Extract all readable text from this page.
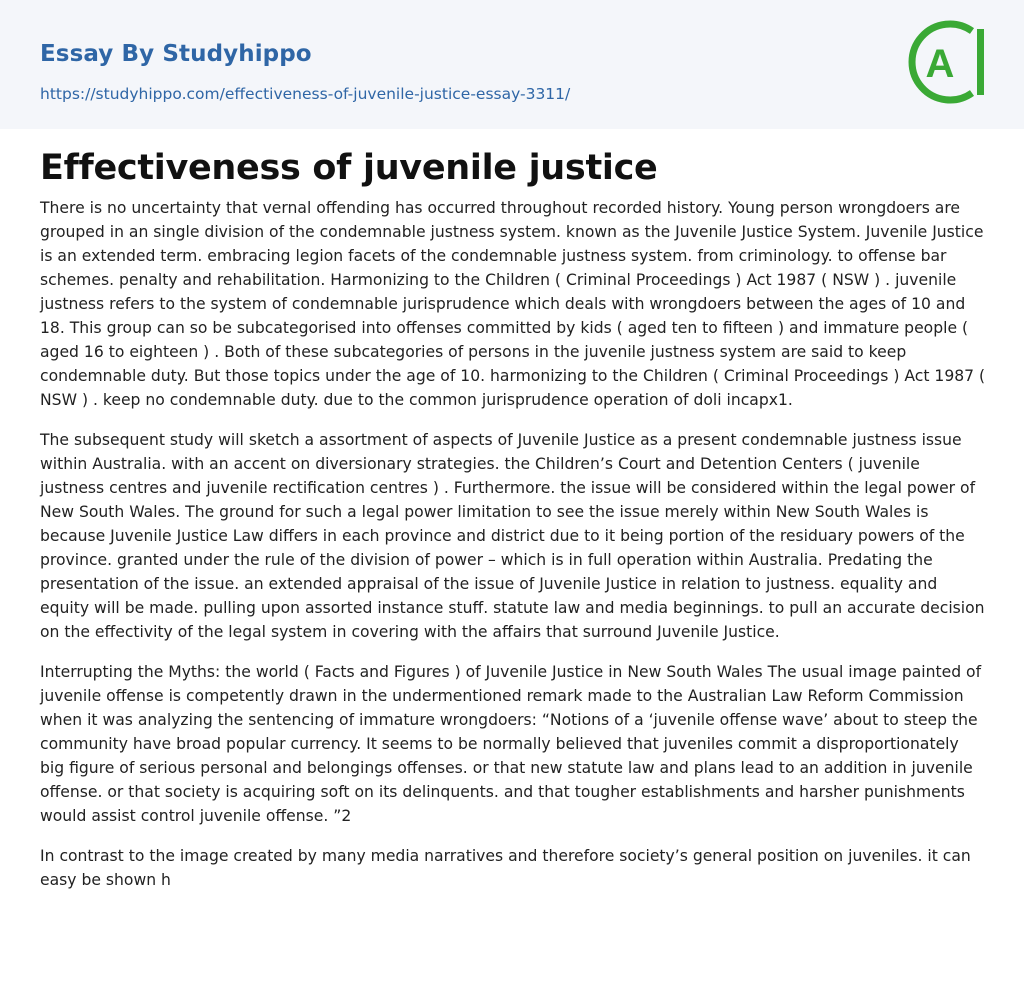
Essay By Studyhippo
https://studyhippo.com/effectiveness-of-juvenile-justice-essay-3311/
A
Effectiveness of juvenile justice

There is no uncertainty that vernal offending has occurred throughout recorded history. Young person wrongdoers are grouped in an single division of the condemnable justness system. known as the Juvenile Justice System. Juvenile Justice is an extended term. embracing legion facets of the condemnable justness system. from criminology. to offense bar schemes. penalty and rehabilitation. Harmonizing to the Children ( Criminal Proceedings ) Act 1987 ( NSW ) . juvenile justness refers to the system of condemnable jurisprudence which deals with wrongdoers between the ages of 10 and 18. This group can so be subcategorised into offenses committed by kids ( aged ten to fifteen ) and immature people ( aged 16 to eighteen ) . Both of these subcategories of persons in the juvenile justness system are said to keep condemnable duty. But those topics under the age of 10. harmonizing to the Children ( Criminal Proceedings ) Act 1987 ( NSW ) . keep no condemnable duty. due to the common jurisprudence operation of doli incapx1.

The subsequent study will sketch a assortment of aspects of Juvenile Justice as a present condemnable justness issue within Australia. with an accent on diversionary strategies. the Children’s Court and Detention Centers ( juvenile justness centres and juvenile rectification centres ) . Furthermore. the issue will be considered within the legal power of New South Wales. The ground for such a legal power limitation to see the issue merely within New South Wales is because Juvenile Justice Law differs in each province and district due to it being portion of the residuary powers of the province. granted under the rule of the division of power – which is in full operation within Australia. Predating the presentation of the issue. an extended appraisal of the issue of Juvenile Justice in relation to justness. equality and equity will be made. pulling upon assorted instance stuff. statute law and media beginnings. to pull an accurate decision on the effectivity of the legal system in covering with the affairs that surround Juvenile Justice.

Interrupting the Myths: the world ( Facts and Figures ) of Juvenile Justice in New South Wales The usual image painted of juvenile offense is competently drawn in the undermentioned remark made to the Australian Law Reform Commission when it was analyzing the sentencing of immature wrongdoers: “Notions of a ‘juvenile offense wave’ about to steep the community have broad popular currency. It seems to be normally believed that juveniles commit a disproportionately big figure of serious personal and belongings offenses. or that new statute law and plans lead to an addition in juvenile offense. or that society is acquiring soft on its delinquents. and that tougher establishments and harsher punishments would assist control juvenile offense. ”2

In contrast to the image created by many media narratives and therefore society’s general position on juveniles. it can easy be shown h
